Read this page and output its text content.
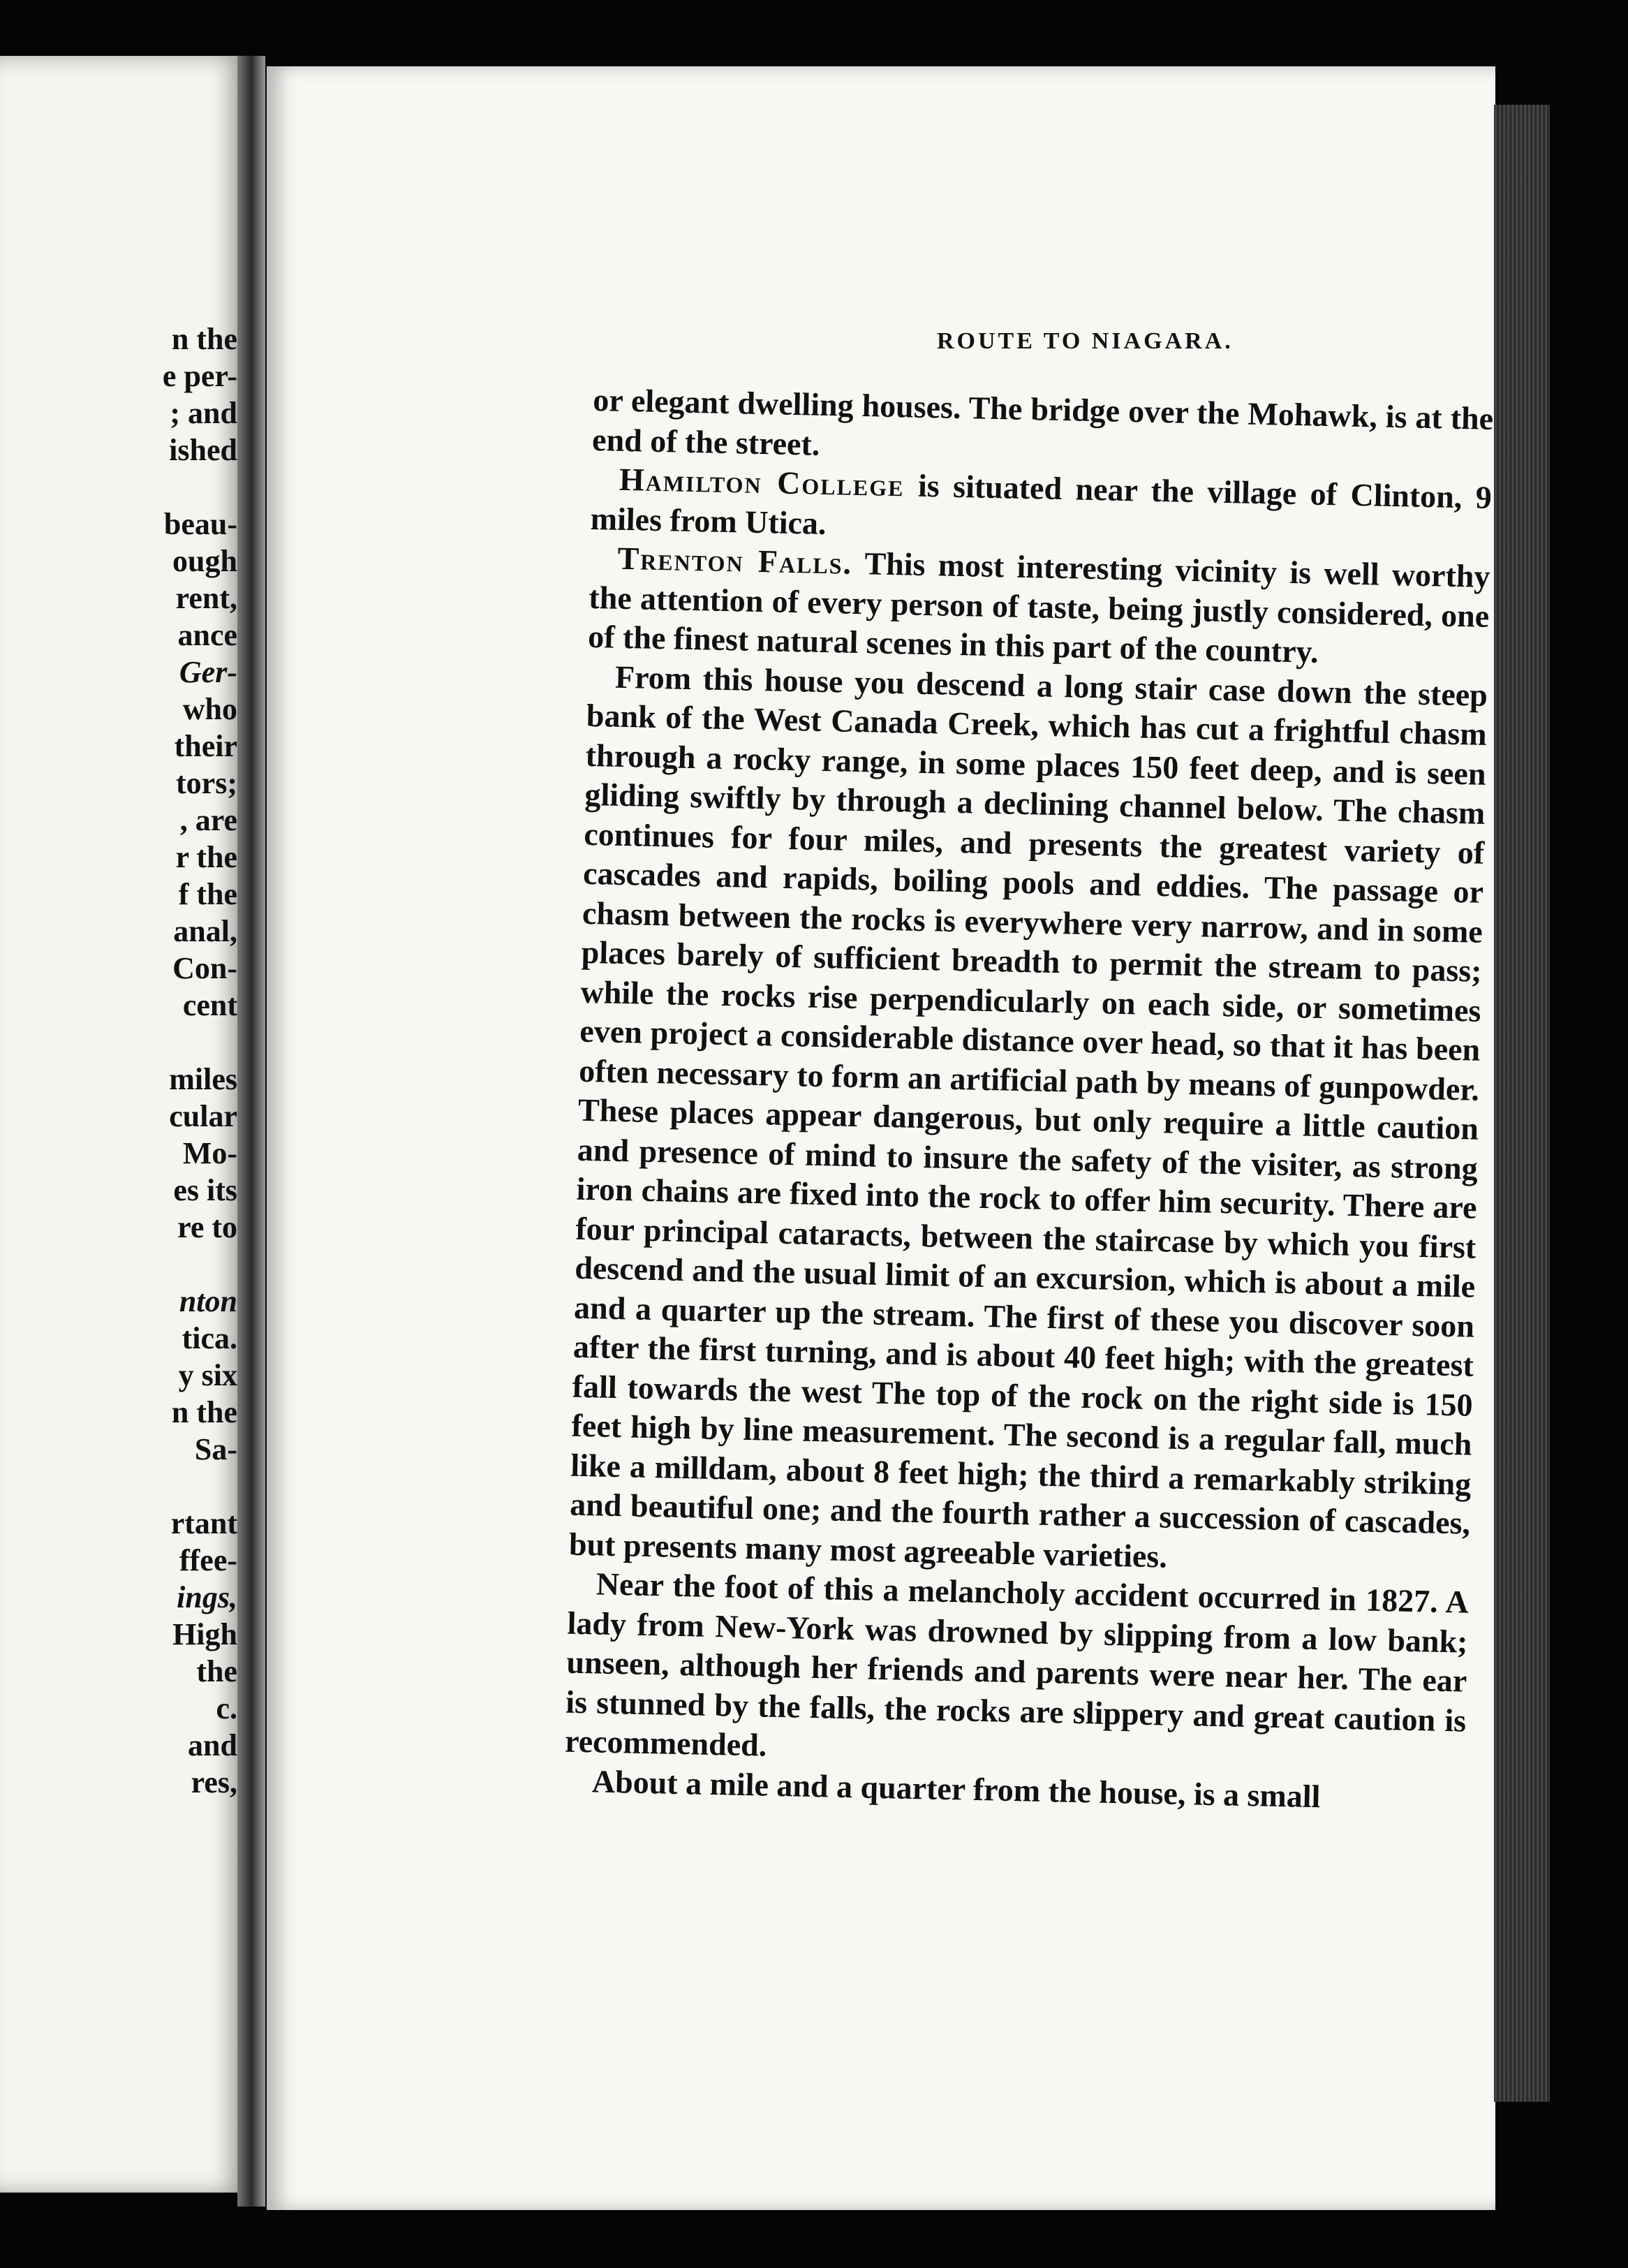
n the
e per-
; and
ished
beau-
ough
rent,
ance
Ger-
who
their
tors;
, are
r the
f the
anal,
Con-
cent
miles
cular
Mo-
es its
re to
nton
tica.
y six
n the
Sa-
rtant
ffee-
ings,
High
the
c.
and
res,
ROUTE TO NIAGARA.

or elegant dwelling houses. The bridge over the Mohawk, is at the end of the street.

Hamilton College is situated near the village of Clinton, 9 miles from Utica.

Trenton Falls. This most interesting vicinity is well worthy the attention of every person of taste, being justly considered, one of the finest natural scenes in this part of the country.

From this house you descend a long stair case down the steep bank of the West Canada Creek, which has cut a frightful chasm through a rocky range, in some places 150 feet deep, and is seen gliding swiftly by through a declining channel below. The chasm continues for four miles, and presents the greatest variety of cascades and rapids, boiling pools and eddies. The passage or chasm between the rocks is everywhere very narrow, and in some places barely of sufficient breadth to permit the stream to pass; while the rocks rise perpendicularly on each side, or sometimes even project a considerable distance over head, so that it has been often necessary to form an artificial path by means of gunpowder. These places appear dangerous, but only require a little caution and presence of mind to insure the safety of the visiter, as strong iron chains are fixed into the rock to offer him security. There are four principal cataracts, between the staircase by which you first descend and the usual limit of an excursion, which is about a mile and a quarter up the stream. The first of these you discover soon after the first turning, and is about 40 feet high; with the greatest fall towards the west The top of the rock on the right side is 150 feet high by line measurement. The second is a regular fall, much like a milldam, about 8 feet high; the third a remarkably striking and beautiful one; and the fourth rather a succession of cascades, but presents many most agreeable varieties.

Near the foot of this a melancholy accident occurred in 1827. A lady from New-York was drowned by slipping from a low bank; unseen, although her friends and parents were near her. The ear is stunned by the falls, the rocks are slippery and great caution is recommended.

About a mile and a quarter from the house, is a small
